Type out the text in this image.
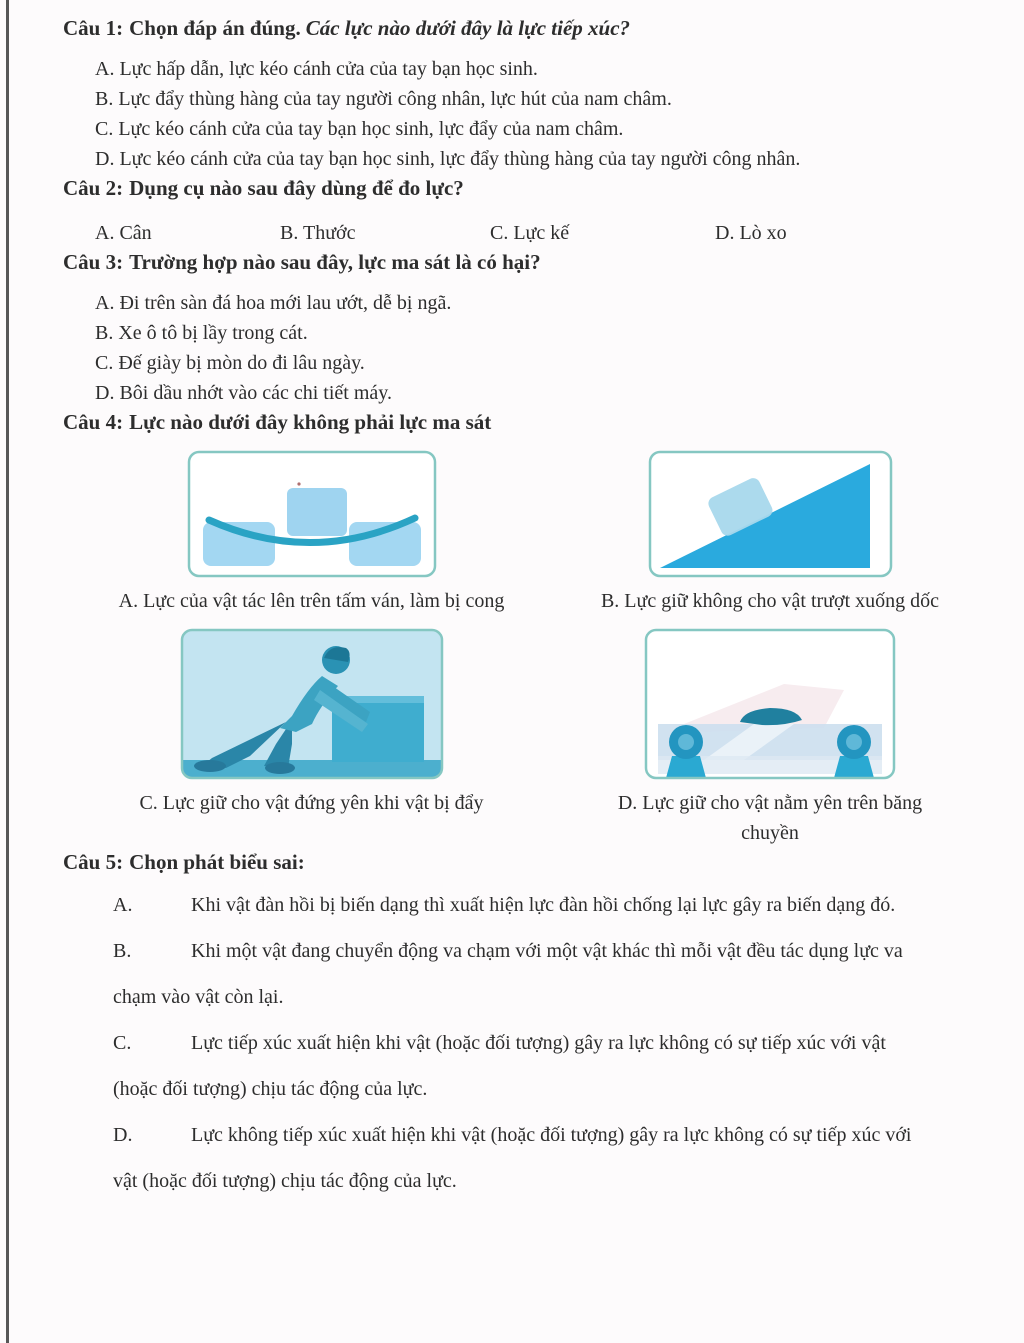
Câu 1: Chọn đáp án đúng. Các lực nào dưới đây là lực tiếp xúc?

A. Lực hấp dẫn, lực kéo cánh cửa của tay bạn học sinh.

B. Lực đẩy thùng hàng của tay người công nhân, lực hút của nam châm.

C. Lực kéo cánh cửa của tay bạn học sinh, lực đẩy của nam châm.

D. Lực kéo cánh cửa của tay bạn học sinh, lực đẩy thùng hàng của tay người công nhân.

Câu 2: Dụng cụ nào sau đây dùng để đo lực?
A. Cân	B. Thước	C. Lực kế	D. Lò xo
Câu 3: Trường hợp nào sau đây, lực ma sát là có hại?

A. Đi trên sàn đá hoa mới lau ướt, dễ bị ngã.

B. Xe ô tô bị lầy trong cát.

C. Đế giày bị mòn do đi lâu ngày.

D. Bôi dầu nhớt vào các chi tiết máy.

Câu 4: Lực nào dưới đây không phải lực ma sát
A. Lực của vật tác lên trên tấm ván, làm bị cong	B. Lực giữ không cho vật trượt xuống dốc
C. Lực giữ cho vật đứng yên khi vật bị đẩy	D. Lực giữ cho vật nằm yên trên băng
chuyền
Câu 5: Chọn phát biểu sai:

A.	Khi vật đàn hồi bị biến dạng thì xuất hiện lực đàn hồi chống lại lực gây ra biến dạng đó.

B.	Khi một vật đang chuyển động va chạm với một vật khác thì mỗi vật đều tác dụng lực va chạm vào vật còn lại.

C.	Lực tiếp xúc xuất hiện khi vật (hoặc đối tượng) gây ra lực không có sự tiếp xúc với vật (hoặc đối tượng) chịu tác động của lực.

D.	Lực không tiếp xúc xuất hiện khi vật (hoặc đối tượng) gây ra lực không có sự tiếp xúc với vật (hoặc đối tượng) chịu tác động của lực.
